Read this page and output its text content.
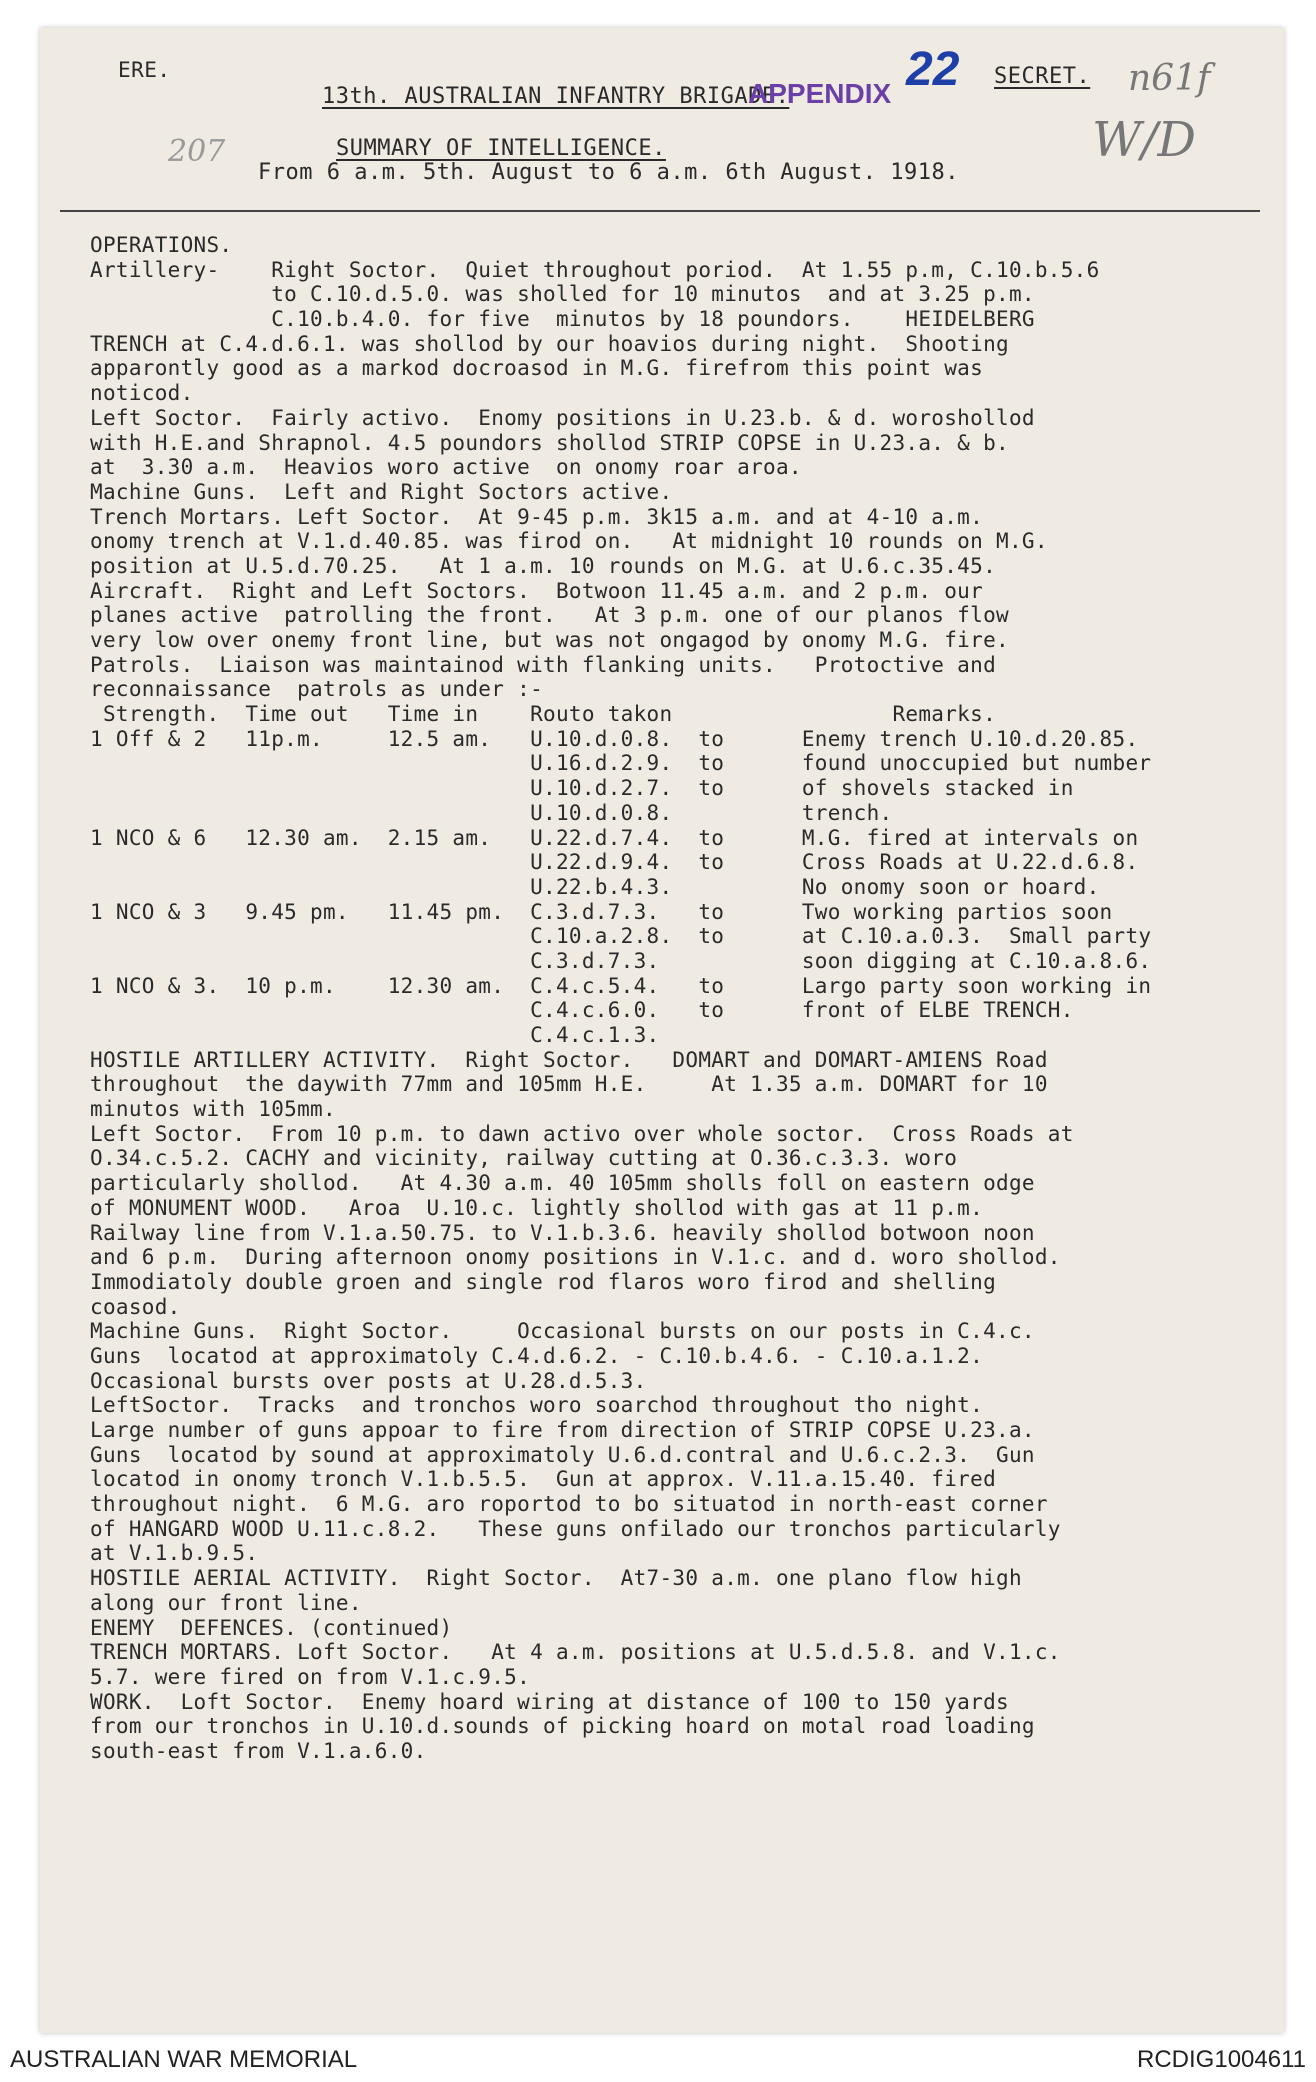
ERE.
13th. AUSTRALIAN INFANTRY BRIGADE.
APPENDIX 22 SECRET. n61f
W/D
207	SUMMARY OF INTELLIGENCE.
From 6 a.m. 5th. August to 6 a.m. 6th August. 1918.
OPERATIONS.
Artillery-    Right Soctor.  Quiet throughout poriod.  At 1.55 p.m, C.10.b.5.6
to C.10.d.5.0. was sholled for 10 minutos  and at 3.25 p.m.
C.10.b.4.0. for five  minutos by 18 poundors.    HEIDELBERG
TRENCH at C.4.d.6.1. was shollod by our hoavios during night.  Shooting
apparontly good as a markod docroasod in M.G. firefrom this point was
noticod.
Left Soctor.  Fairly activo.  Enomy positions in U.23.b. & d. woroshollod
with H.E.and Shrapnol. 4.5 poundors shollod STRIP COPSE in U.23.a. & b.
at  3.30 a.m.  Heavios woro active  on onomy roar aroa.
Machine Guns.  Left and Right Soctors active.
Trench Mortars. Left Soctor.  At 9-45 p.m. 3k15 a.m. and at 4-10 a.m.
onomy trench at V.1.d.40.85. was firod on.   At midnight 10 rounds on M.G.
position at U.5.d.70.25.   At 1 a.m. 10 rounds on M.G. at U.6.c.35.45.
Aircraft.  Right and Left Soctors.  Botwoon 11.45 a.m. and 2 p.m. our
planes active  patrolling the front.   At 3 p.m. one of our planos flow
very low over onemy front line, but was not ongagod by onomy M.G. fire.
Patrols.  Liaison was maintainod with flanking units.   Protoctive and
reconnaissance  patrols as under :-
Strength.  Time out   Time in    Routo takon                 Remarks.
1 Off & 2   11p.m.     12.5 am.   U.10.d.0.8.  to      Enemy trench U.10.d.20.85.
U.16.d.2.9.  to      found unoccupied but number
U.10.d.2.7.  to      of shovels stacked in
U.10.d.0.8.          trench.
1 NCO & 6   12.30 am.  2.15 am.   U.22.d.7.4.  to      M.G. fired at intervals on
U.22.d.9.4.  to      Cross Roads at U.22.d.6.8.
U.22.b.4.3.          No onomy soon or hoard.
1 NCO & 3   9.45 pm.   11.45 pm.  C.3.d.7.3.   to      Two working partios soon
C.10.a.2.8.  to      at C.10.a.0.3.  Small party
C.3.d.7.3.           soon digging at C.10.a.8.6.
1 NCO & 3.  10 p.m.    12.30 am.  C.4.c.5.4.   to      Largo party soon working in
C.4.c.6.0.   to      front of ELBE TRENCH.
C.4.c.1.3.
HOSTILE ARTILLERY ACTIVITY.  Right Soctor.   DOMART and DOMART-AMIENS Road
throughout  the daywith 77mm and 105mm H.E.     At 1.35 a.m. DOMART for 10
minutos with 105mm.
Left Soctor.  From 10 p.m. to dawn activo over whole soctor.  Cross Roads at
O.34.c.5.2. CACHY and vicinity, railway cutting at O.36.c.3.3. woro
particularly shollod.   At 4.30 a.m. 40 105mm sholls foll on eastern odge
of MONUMENT WOOD.   Aroa  U.10.c. lightly shollod with gas at 11 p.m.
Railway line from V.1.a.50.75. to V.1.b.3.6. heavily shollod botwoon noon
and 6 p.m.  During afternoon onomy positions in V.1.c. and d. woro shollod.
Immodiatoly double groen and single rod flaros woro firod and shelling
coasod.
Machine Guns.  Right Soctor.     Occasional bursts on our posts in C.4.c.
Guns  locatod at approximatoly C.4.d.6.2. - C.10.b.4.6. - C.10.a.1.2.
Occasional bursts over posts at U.28.d.5.3.
LeftSoctor.  Tracks  and tronchos woro soarchod throughout tho night.
Large number of guns appoar to fire from direction of STRIP COPSE U.23.a.
Guns  locatod by sound at approximatoly U.6.d.contral and U.6.c.2.3.  Gun
locatod in onomy tronch V.1.b.5.5.  Gun at approx. V.11.a.15.40. fired
throughout night.  6 M.G. aro roportod to bo situatod in north-east corner
of HANGARD WOOD U.11.c.8.2.   These guns onfilado our tronchos particularly
at V.1.b.9.5.
HOSTILE AERIAL ACTIVITY.  Right Soctor.  At7-30 a.m. one plano flow high
along our front line.
ENEMY  DEFENCES. (continued)
TRENCH MORTARS. Loft Soctor.   At 4 a.m. positions at U.5.d.5.8. and V.1.c.
5.7. were fired on from V.1.c.9.5.
WORK.  Loft Soctor.  Enemy hoard wiring at distance of 100 to 150 yards
from our tronchos in U.10.d.sounds of picking hoard on motal road loading
south-east from V.1.a.6.0.
AUSTRALIAN WAR MEMORIAL	RCDIG1004611
